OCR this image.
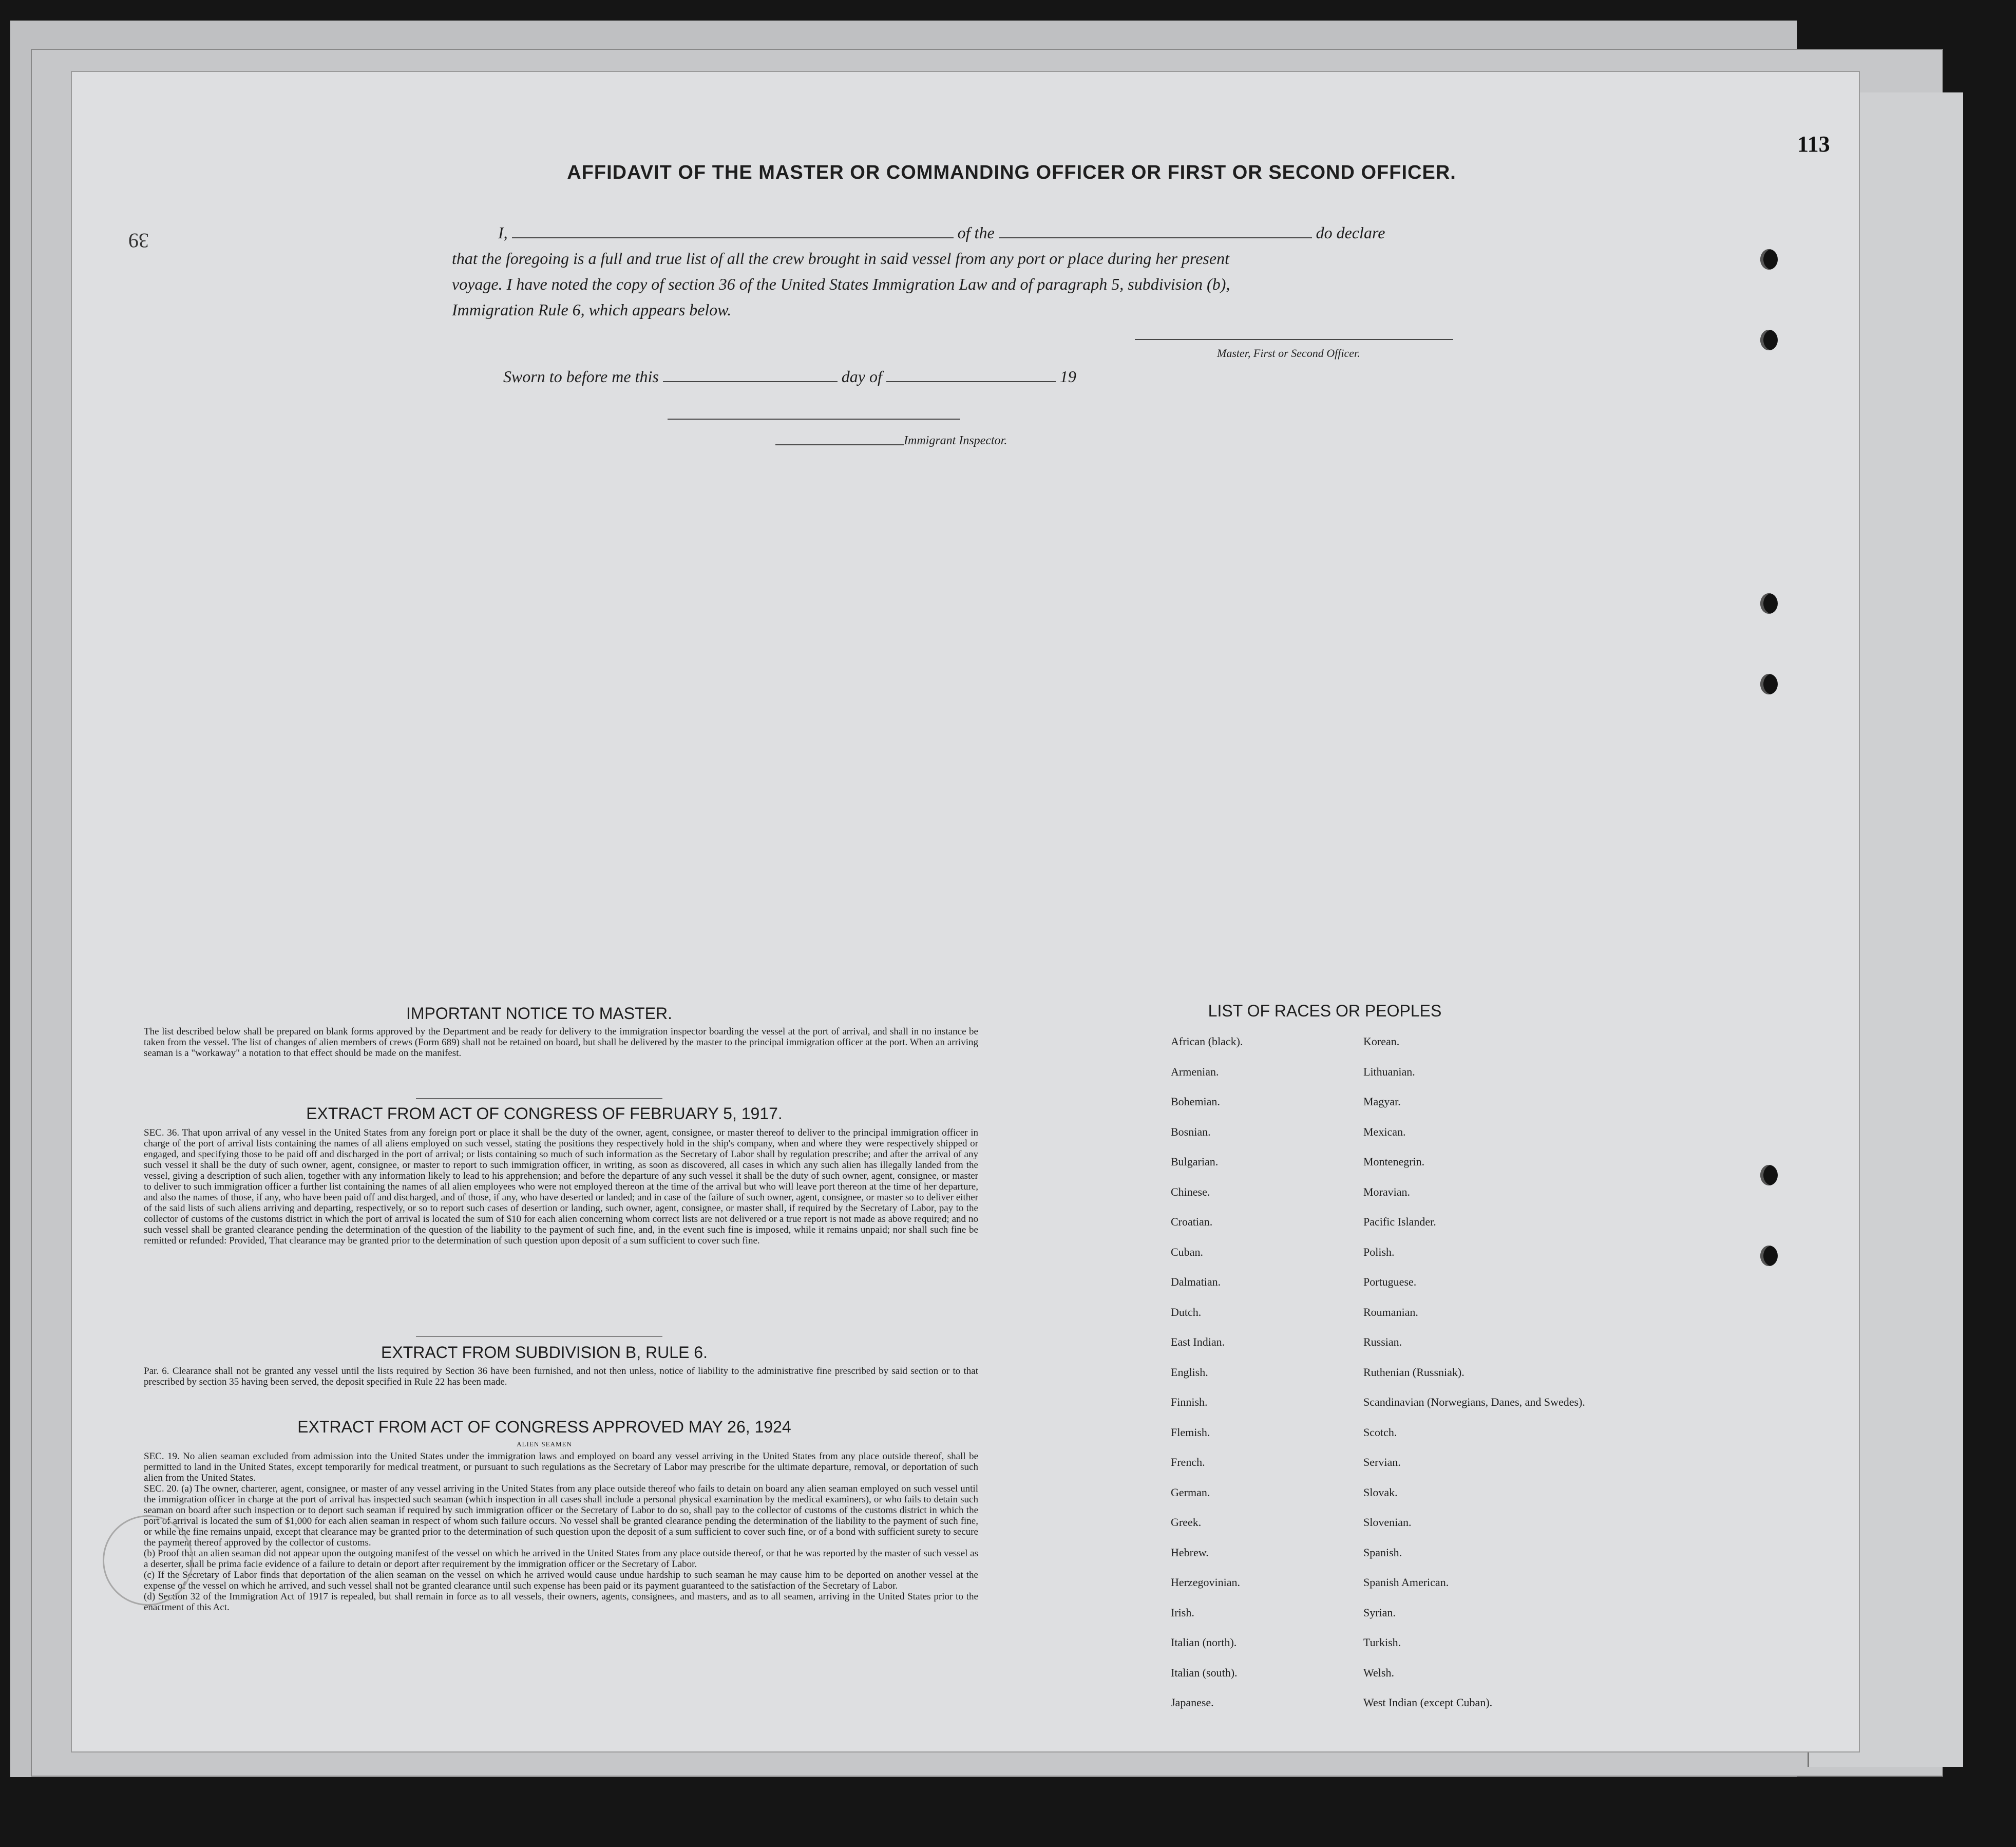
39
AFFIDAVIT OF THE MASTER OR COMMANDING OFFICER OR FIRST OR SECOND OFFICER.
I,	of the	do declare
that the foregoing is a full and true list of all the crew brought in said vessel from any port or place during her present
voyage. I have noted the copy of section 36 of the United States Immigration Law and of paragraph 5, subdivision (b),
Immigration Rule 6, which appears below.
Master, First or Second Officer.
Sworn to before me this	day of	19
Immigrant Inspector.
IMPORTANT NOTICE TO MASTER.
The list described below shall be prepared on blank forms approved by the Department and be ready for delivery to the immigration inspector boarding the vessel at the port of arrival, and shall in no instance be taken from the vessel. The list of changes of alien members of crews (Form 689) shall not be retained on board, but shall be delivered by the master to the principal immigration officer at the port. When an arriving seaman is a "workaway" a notation to that effect should be made on the manifest.
EXTRACT FROM ACT OF CONGRESS OF FEBRUARY 5, 1917.
SEC. 36. That upon arrival of any vessel in the United States from any foreign port or place it shall be the duty of the owner, agent, consignee, or master thereof to deliver to the principal immigration officer in charge of the port of arrival lists containing the names of all aliens employed on such vessel, stating the positions they respectively hold in the ship's company, when and where they were respectively shipped or engaged, and specifying those to be paid off and discharged in the port of arrival; or lists containing so much of such information as the Secretary of Labor shall by regulation prescribe; and after the arrival of any such vessel it shall be the duty of such owner, agent, consignee, or master to report to such immigration officer, in writing, as soon as discovered, all cases in which any such alien has illegally landed from the vessel, giving a description of such alien, together with any information likely to lead to his apprehension; and before the departure of any such vessel it shall be the duty of such owner, agent, consignee, or master to deliver to such immigration officer a further list containing the names of all alien employees who were not employed thereon at the time of the arrival but who will leave port thereon at the time of her departure, and also the names of those, if any, who have been paid off and discharged, and of those, if any, who have deserted or landed; and in case of the failure of such owner, agent, consignee, or master so to deliver either of the said lists of such aliens arriving and departing, respectively, or so to report such cases of desertion or landing, such owner, agent, consignee, or master shall, if required by the Secretary of Labor, pay to the collector of customs of the customs district in which the port of arrival is located the sum of $10 for each alien concerning whom correct lists are not delivered or a true report is not made as above required; and no such vessel shall be granted clearance pending the determination of the question of the liability to the payment of such fine, and, in the event such fine is imposed, while it remains unpaid; nor shall such fine be remitted or refunded: Provided, That clearance may be granted prior to the determination of such question upon deposit of a sum sufficient to cover such fine.
EXTRACT FROM SUBDIVISION B, RULE 6.
Par. 6. Clearance shall not be granted any vessel until the lists required by Section 36 have been furnished, and not then unless, notice of liability to the administrative fine prescribed by said section or to that prescribed by section 35 having been served, the deposit specified in Rule 22 has been made.
EXTRACT FROM ACT OF CONGRESS APPROVED MAY 26, 1924
ALIEN SEAMEN
SEC. 19. No alien seaman excluded from admission into the United States under the immigration laws and employed on board any vessel arriving in the United States from any place outside thereof, shall be permitted to land in the United States, except temporarily for medical treatment, or pursuant to such regulations as the Secretary of Labor may prescribe for the ultimate departure, removal, or deportation of such alien from the United States.
SEC. 20. (a) The owner, charterer, agent, consignee, or master of any vessel arriving in the United States from any place outside thereof who fails to detain on board any alien seaman employed on such vessel until the immigration officer in charge at the port of arrival has inspected such seaman (which inspection in all cases shall include a personal physical examination by the medical examiners), or who fails to detain such seaman on board after such inspection or to deport such seaman if required by such immigration officer or the Secretary of Labor to do so, shall pay to the collector of customs of the customs district in which the port of arrival is located the sum of $1,000 for each alien seaman in respect of whom such failure occurs. No vessel shall be granted clearance pending the determination of the liability to the payment of such fine, or while the fine remains unpaid, except that clearance may be granted prior to the determination of such question upon the deposit of a sum sufficient to cover such fine, or of a bond with sufficient surety to secure the payment thereof approved by the collector of customs.
(b) Proof that an alien seaman did not appear upon the outgoing manifest of the vessel on which he arrived in the United States from any place outside thereof, or that he was reported by the master of such vessel as a deserter, shall be prima facie evidence of a failure to detain or deport after requirement by the immigration officer or the Secretary of Labor.
(c) If the Secretary of Labor finds that deportation of the alien seaman on the vessel on which he arrived would cause undue hardship to such seaman he may cause him to be deported on another vessel at the expense of the vessel on which he arrived, and such vessel shall not be granted clearance until such expense has been paid or its payment guaranteed to the satisfaction of the Secretary of Labor.
(d) Section 32 of the Immigration Act of 1917 is repealed, but shall remain in force as to all vessels, their owners, agents, consignees, and masters, and as to all seamen, arriving in the United States prior to the enactment of this Act.
LIST OF RACES OR PEOPLES
African (black).	Korean.
Armenian.	Lithuanian.
Bohemian.	Magyar.
Bosnian.	Mexican.
Bulgarian.	Montenegrin.
Chinese.	Moravian.
Croatian.	Pacific Islander.
Cuban.	Polish.
Dalmatian.	Portuguese.
Dutch.	Roumanian.
East Indian.	Russian.
English.	Ruthenian (Russniak).
Finnish.	Scandinavian (Norwegians, Danes, and Swedes).
Flemish.	Scotch.
French.	Servian.
German.	Slovak.
Greek.	Slovenian.
Hebrew.	Spanish.
Herzegovinian.	Spanish American.
Irish.	Syrian.
Italian (north).	Turkish.
Italian (south).	Welsh.
Japanese.	West Indian (except Cuban).
113
